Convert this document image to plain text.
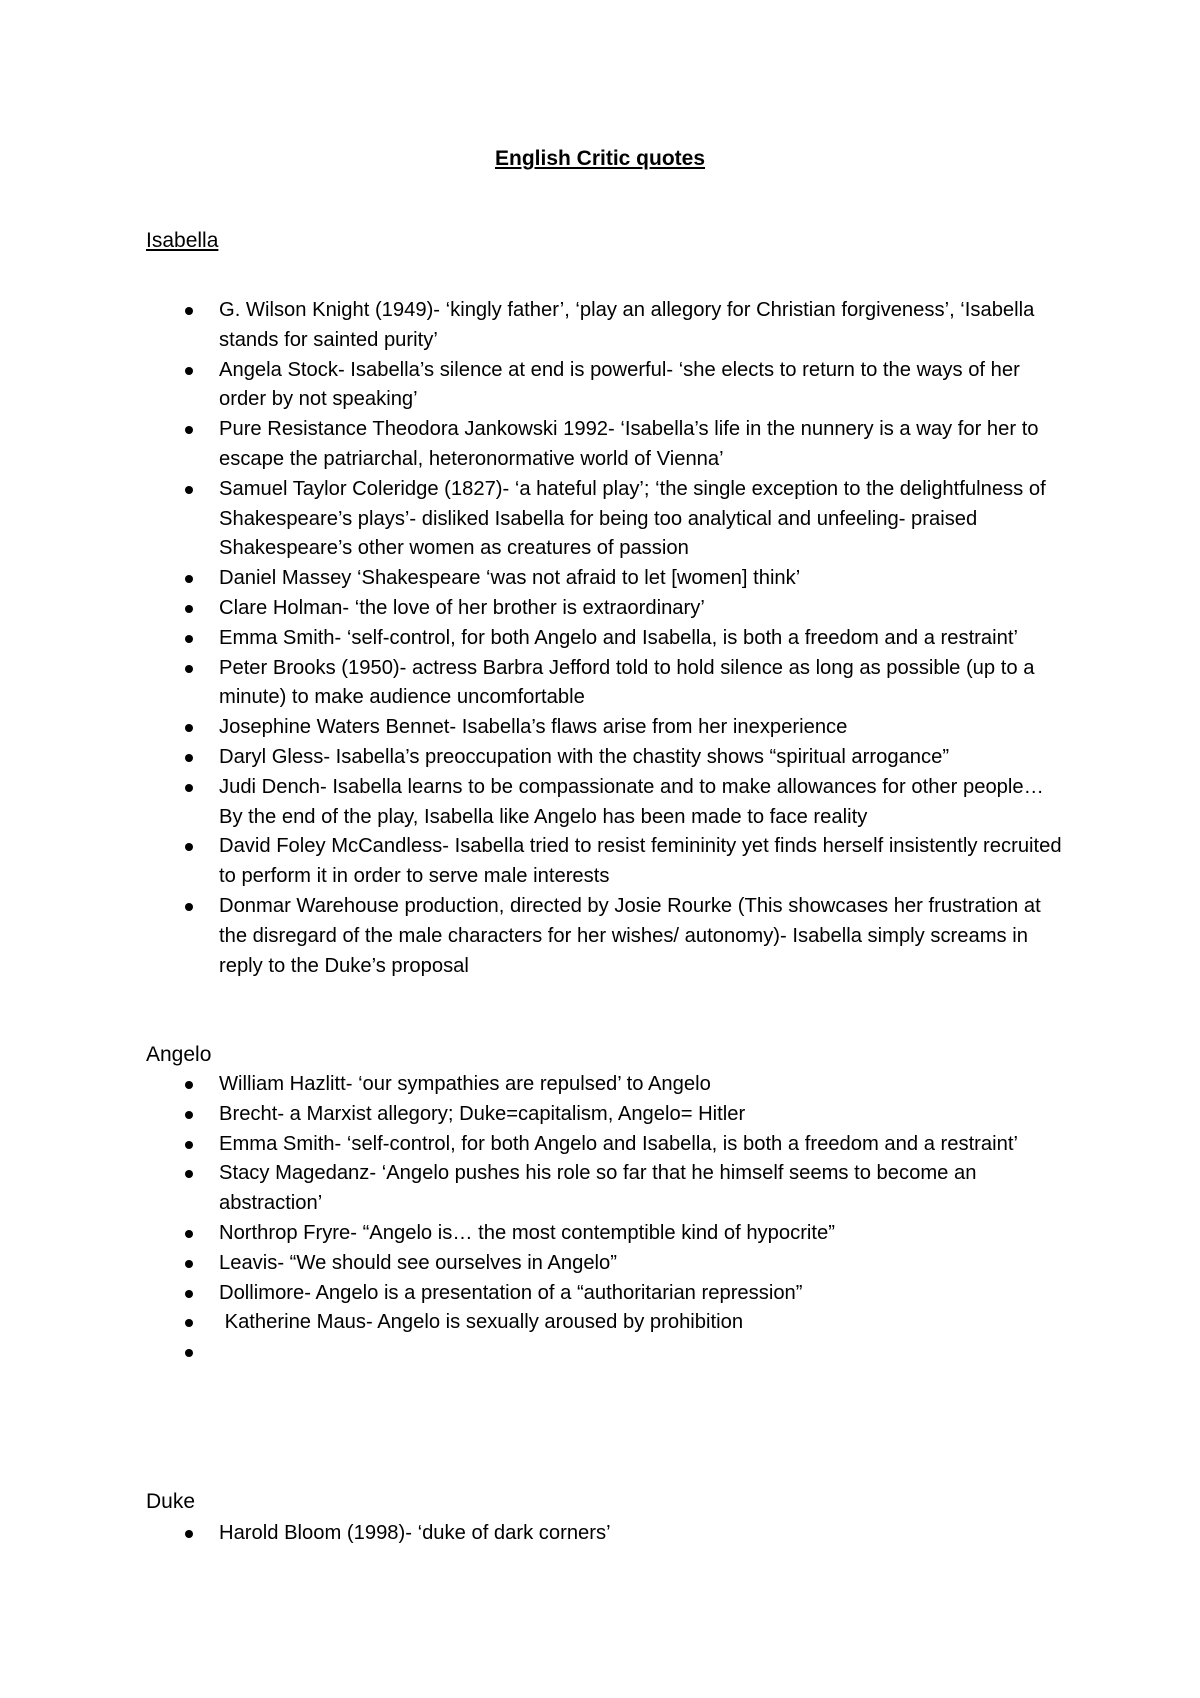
English Critic quotes
Isabella
G. Wilson Knight (1949)- ‘kingly father’, ‘play an allegory for Christian forgiveness’, ‘Isabella stands for sainted purity’
Angela Stock- Isabella’s silence at end is powerful- ‘she elects to return to the ways of her order by not speaking’
Pure Resistance Theodora Jankowski 1992- ‘Isabella’s life in the nunnery is a way for her to escape the patriarchal, heteronormative world of Vienna’
Samuel Taylor Coleridge (1827)- ‘a hateful play’; ‘the single exception to the delightfulness of Shakespeare’s plays’- disliked Isabella for being too analytical and unfeeling- praised Shakespeare’s other women as creatures of passion
Daniel Massey ‘Shakespeare ‘was not afraid to let [women] think’
Clare Holman- ‘the love of her brother is extraordinary’
Emma Smith- ‘self-control, for both Angelo and Isabella, is both a freedom and a restraint’
Peter Brooks (1950)- actress Barbra Jefford told to hold silence as long as possible (up to a minute) to make audience uncomfortable
Josephine Waters Bennet- Isabella’s flaws arise from her inexperience
Daryl Gless- Isabella’s preoccupation with the chastity shows “spiritual arrogance”
Judi Dench- Isabella learns to be compassionate and to make allowances for other people… By the end of the play, Isabella like Angelo has been made to face reality
David Foley McCandless- Isabella tried to resist femininity yet finds herself insistently recruited to perform it in order to serve male interests
Donmar Warehouse production, directed by Josie Rourke (This showcases her frustration at the disregard of the male characters for her wishes/ autonomy)- Isabella simply screams in reply to the Duke’s proposal
Angelo
William Hazlitt- ‘our sympathies are repulsed’ to Angelo
Brecht- a Marxist allegory; Duke=capitalism, Angelo= Hitler
Emma Smith- ‘self-control, for both Angelo and Isabella, is both a freedom and a restraint’
Stacy Magedanz- ‘Angelo pushes his role so far that he himself seems to become an abstraction’
Northrop Fryre- “Angelo is… the most contemptible kind of hypocrite”
Leavis- “We should see ourselves in Angelo”
Dollimore- Angelo is a presentation of a “authoritarian repression”
Katherine Maus- Angelo is sexually aroused by prohibition
Duke
Harold Bloom (1998)- ‘duke of dark corners’
